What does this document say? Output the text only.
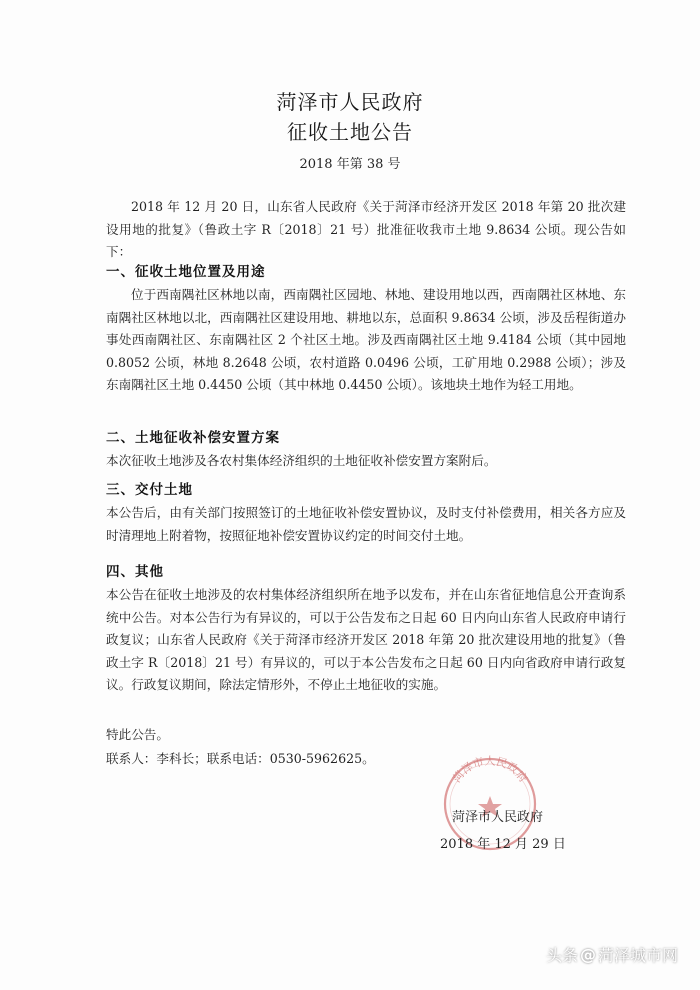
菏泽市人民政府
征收土地公告
2018 年第 38 号

2018 年 12 月 20 日，山东省人民政府《关于菏泽市经济开发区 2018 年第 20 批次建设用地的批复》（鲁政土字 R〔2018〕21 号）批准征收我市土地 9.8634 公顷。现公告如下：

一、征收土地位置及用途

位于西南隅社区林地以南，西南隅社区园地、林地、建设用地以西，西南隅社区林地、东南隅社区林地以北，西南隅社区建设用地、耕地以东，总面积 9.8634 公顷，涉及岳程街道办事处西南隅社区、东南隅社区 2 个社区土地。涉及西南隅社区土地 9.4184 公顷（其中园地 0.8052 公顷，林地 8.2648 公顷，农村道路 0.0496 公顷，工矿用地 0.2988 公顷）；涉及东南隅社区土地 0.4450 公顷（其中林地 0.4450 公顷）。该地块土地作为轻工用地。

二、土地征收补偿安置方案

本次征收土地涉及各农村集体经济组织的土地征收补偿安置方案附后。

三、交付土地

本公告后，由有关部门按照签订的土地征收补偿安置协议，及时支付补偿费用，相关各方应及时清理地上附着物，按照征地补偿安置协议约定的时间交付土地。

四、其他

本公告在征收土地涉及的农村集体经济组织所在地予以发布，并在山东省征地信息公开查询系统中公告。对本公告行为有异议的，可以于公告发布之日起 60 日内向山东省人民政府申请行政复议；山东省人民政府《关于菏泽市经济开发区 2018 年第 20 批次建设用地的批复》（鲁政土字 R〔2018〕21 号）有异议的，可以于本公告发布之日起 60 日内向省政府申请行政复议。行政复议期间，除法定情形外，不停止土地征收的实施。

特此公告。
联系人：李科长；联系电话：0530-5962625。
菏泽市人民政府
菏泽市人民政府
2018 年 12 月 29 日
头条 @ 菏泽城市网
